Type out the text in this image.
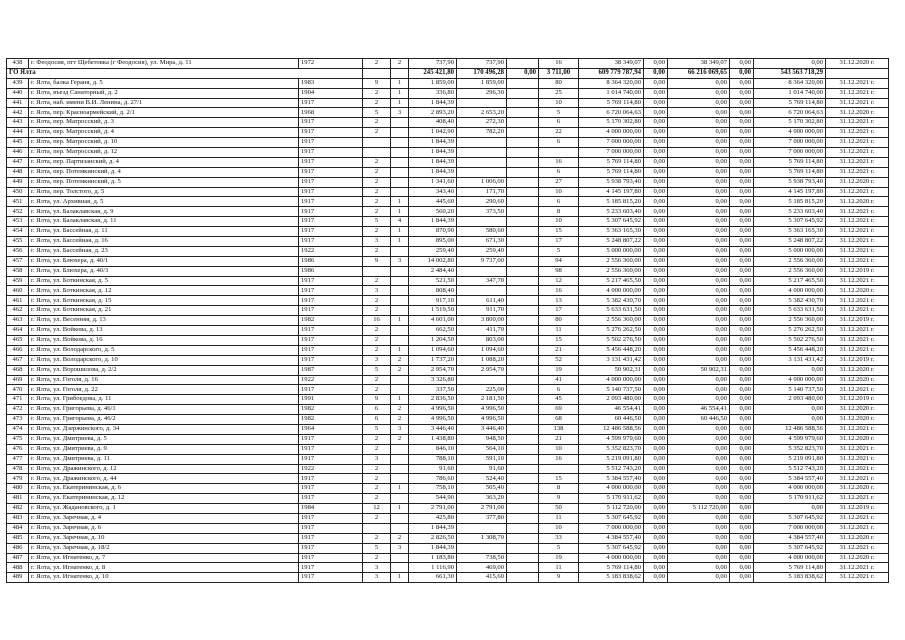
438	г. Феодосия, пгт Щебетовка (г Феодосия), ул. Мира, д. 11	1972	2	2	737,90	737,90		16	38 349,07	0,00	38 349,07	0,00	0,00	31.12.2020 г.
ГО Ялта					245 421,80	170 496,28	0,00	3 711,00	609 779 787,94	0,00	66 216 069,65	0,00	543 563 718,29	
439	г. Ялта, балка Гераня, д. 5	1983	9	1	1 859,00	1 859,00		80	8 364 320,00	0,00	0,00	0,00	8 364 320,00	31.12.2021 г.
440	г. Ялта, въезд Санаторный, д. 2	1904	2	1	336,80	296,30		25	1 014 740,00	0,00	0,00	0,00	1 014 740,00	31.12.2021 г.
441	г. Ялта, наб. имени В.И. Ленина, д. 27/1	1917	2	1	1 844,39			10	5 769 114,80	0,00	0,00	0,00	5 769 114,80	31.12.2021 г.
442	г. Ялта, пер. Красноармейский, д. 2/1	1968	5	3	2 893,20	2 653,20		5	6 720 064,63	0,00	0,00	0,00	6 720 064,63	31.12.2020 г.
443	г. Ялта, пер. Матросский, д. 3	1917	2		408,40	272,30		6	5 170 302,80	0,00	0,00	0,00	5 170 302,80	31.12.2021 г.
444	г. Ялта, пер. Матросский, д. 4	1917	2		1 042,90	782,20		22	4 000 000,00	0,00	0,00	0,00	4 000 000,00	31.12.2021 г.
445	г. Ялта, пер. Матросский, д. 10	1917			1 844,39			6	7 000 000,00	0,00	0,00	0,00	7 000 000,00	31.12.2021 г.
446	г. Ялта, пер. Матросский, д. 12	1917			1 844,39				7 000 000,00	0,00	0,00	0,00	7 000 000,00	31.12.2021 г.
447	г. Ялта, пер. Партизанский, д. 4	1917	2		1 844,39			16	5 769 114,80	0,00	0,00	0,00	5 769 114,80	31.12.2021 г.
448	г. Ялта, пер. Потемкинский, д. 4	1917	2		1 844,39			6	5 769 114,80	0,00	0,00	0,00	5 769 114,80	31.12.2021 г.
449	г. Ялта, пер. Потемкинский, д. 5	1917	2		1 341,60	1 006,00		27	5 938 793,40	0,00	0,00	0,00	5 938 793,40	31.12.2020 г.
450	г. Ялта, пер. Толстого, д. 5	1917	2		343,40	171,70		10	4 145 197,80	0,00	0,00	0,00	4 145 197,80	31.12.2021 г.
451	г. Ялта, ул. Архивная, д. 5	1917	2	1	445,60	290,60		6	5 185 815,20	0,00	0,00	0,00	5 185 815,20	31.12.2020 г.
452	г. Ялта, ул. Балаклавская, д. 9	1917	2	1	560,20	373,50		8	5 233 603,40	0,00	0,00	0,00	5 233 603,40	31.12.2021 г.
453	г. Ялта, ул. Балаклавская, д. 11	1917	5	4	1 844,39			10	5 307 645,92	0,00	0,00	0,00	5 307 645,92	31.12.2021 г.
454	г. Ялта, ул. Бассейная, д. 11	1917	2	1	870,90	580,60		15	5 363 165,30	0,00	0,00	0,00	5 363 165,30	31.12.2021 г.
455	г. Ялта, ул. Бассейная, д. 16	1917	3	1	895,00	671,30		17	5 248 807,22	0,00	0,00	0,00	5 248 807,22	31.12.2021 г.
456	г. Ялта, ул. Бассейная, д. 23	1922	2		259,40	259,40		5	5 000 000,00	0,00	0,00	0,00	5 000 000,00	31.12.2021 г.
457	г. Ялта, ул. Блюхера, д. 40/1	1986	9	3	14 002,80	9 737,00		94	2 556 360,00	0,00	0,00	0,00	2 556 360,00	31.12.2021 г.
458	г. Ялта, ул. Блюхера, д. 40/3	1986			2 484,40			98	2 556 360,00	0,00	0,00	0,00	2 556 360,00	31.12.2019 г.
459	г. Ялта, ул. Боткинская, д. 5	1917	2		521,50	347,70		12	5 217 465,50	0,00	0,00	0,00	5 217 465,50	31.12.2021 г.
460	г. Ялта, ул. Боткинская, д. 12	1917	3		808,40			16	4 000 000,00	0,00	0,00	0,00	4 000 000,00	31.12.2020 г.
461	г. Ялта, ул. Боткинская, д. 15	1917	2		917,10	611,40		13	5 382 430,70	0,00	0,00	0,00	5 382 430,70	31.12.2021 г.
462	г. Ялта, ул. Боткинская, д. 21	1917	2		1 519,50	911,70		17	5 633 631,50	0,00	0,00	0,00	5 633 631,50	31.12.2021 г.
463	г. Ялта, ул. Весенняя, д. 13	1982	16	1	4 601,00	3 800,00		80	2 556 360,00	0,00	0,00	0,00	2 556 360,00	31.12.2019 г.
464	г. Ялта, ул. Войкова, д. 13	1917	2		662,50	411,70		11	5 276 262,50	0,00	0,00	0,00	5 276 262,50	31.12.2021 г.
465	г. Ялта, ул. Войкова, д. 16	1917	2		1 204,50	803,00		15	5 502 276,50	0,00	0,00	0,00	5 502 276,50	31.12.2021 г.
466	г. Ялта, ул. Володарского, д. 5	1917	2	1	1 094,60	1 094,60		21	5 456 448,20	0,00	0,00	0,00	5 456 448,20	31.12.2021 г.
467	г. Ялта, ул. Володарского, д. 10	1917	3	2	1 737,20	1 088,20		52	3 131 431,42	0,00	0,00	0,00	3 131 431,42	31.12.2019 г.
468	г. Ялта, ул. Ворошилова, д. 2/2	1987	5	2	2 954,70	2 954,70		19	50 902,31	0,00	50 902,31	0,00	0,00	31.12.2020 г.
469	г. Ялта, ул. Гоголя, д. 16	1922	2		3 326,80			41	4 000 000,00	0,00	0,00	0,00	4 000 000,00	31.12.2020 г.
470	г. Ялта, ул. Гоголя, д. 22	1917	2		337,50	225,00		6	5 140 737,50	0,00	0,00	0,00	5 140 737,50	31.12.2021 г.
471	г. Ялта, ул. Грибоедова, д. 11	1991	9	1	2 836,50	2 181,50		45	2 093 480,00	0,00	0,00	0,00	2 093 480,00	31.12.2019 г.
472	г. Ялта, ул. Григорьева, д. 46/1	1982	6	2	4 996,50	4 996,50		69	46 554,41	0,00	46 554,41	0,00	0,00	31.12.2020 г.
473	г. Ялта, ул. Григорьева, д. 46/2	1982	6	2	4 996,50	4 996,50		68	60 446,50	0,00	60 446,50	0,00	0,00	31.12.2020 г.
474	г. Ялта, ул. Дзержинского, д. 34	1964	5	3	3 446,40	3 446,40		138	12 486 588,56	0,00	0,00	0,00	12 486 588,56	31.12.2021 г.
475	г. Ялта, ул. Дмитриева, д. 5	1917	2	2	1 438,80	948,50		21	4 599 979,60	0,00	0,00	0,00	4 599 979,60	31.12.2020 г.
476	г. Ялта, ул. Дмитриева, д. 9	1917	2		846,10	564,10		10	5 352 823,70	0,00	0,00	0,00	5 352 823,70	31.12.2021 г.
477	г. Ялта, ул. Дмитриева, д. 11	1917	3		788,10	591,10		16	5 219 091,80	0,00	0,00	0,00	5 219 091,80	31.12.2021 г.
478	г. Ялта, ул. Дражинского, д. 12	1922	2		91,60	91,60			5 512 743,20	0,00	0,00	0,00	5 512 743,20	31.12.2021 г.
479	г. Ялта, ул. Дражинского, д. 44	1917	2		786,60	524,40		15	5 384 557,40	0,00	0,00	0,00	5 384 557,40	31.12.2021 г.
480	г. Ялта, ул. Екатерининская, д. 6	1917	2	1	758,10	505,40		8	4 000 000,00	0,00	0,00	0,00	4 000 000,00	31.12.2020 г.
481	г. Ялта, ул. Екатерининская, д. 12	1917	2		544,90	363,20		9	5 170 911,62	0,00	0,00	0,00	5 170 911,62	31.12.2021 г.
482	г. Ялта, ул. Жадановского, д. 1	1984	12	1	2 791,00	2 791,00		50	5 112 720,00	0,00	5 112 720,00	0,00	0,00	31.12.2019 г.
483	г. Ялта, ул. Заречная, д. 4	1917	2		425,80	377,80		11	5 307 645,92	0,00	0,00	0,00	5 307 645,92	31.12.2021 г.
484	г. Ялта, ул. Заречная, д. 6	1917			1 844,39			10	7 000 000,00	0,00	0,00	0,00	7 000 000,00	31.12.2021 г.
485	г. Ялта, ул. Заречная, д. 10	1917	2	2	2 826,50	1 308,70		33	4 384 557,40	0,00	0,00	0,00	4 384 557,40	31.12.2020 г.
486	г. Ялта, ул. Заречная, д. 18/2	1917	5	3	1 844,39			5	5 307 645,92	0,00	0,00	0,00	5 307 645,92	31.12.2021 г.
487	г. Ялта, ул. Игнатенко, д. 7	1917	2		1 183,80	738,50		19	4 000 000,00	0,00	0,00	0,00	4 000 000,00	31.12.2020 г.
488	г. Ялта, ул. Игнатенко, д. 8	1917	3		1 116,90	469,00		11	5 769 114,80	0,00	0,00	0,00	5 769 114,80	31.12.2021 г.
489	г. Ялта, ул. Игнатенко, д. 10	1917	3	1	661,30	415,60		9	5 183 838,62	0,00	0,00	0,00	5 183 838,62	31.12.2021 г.
